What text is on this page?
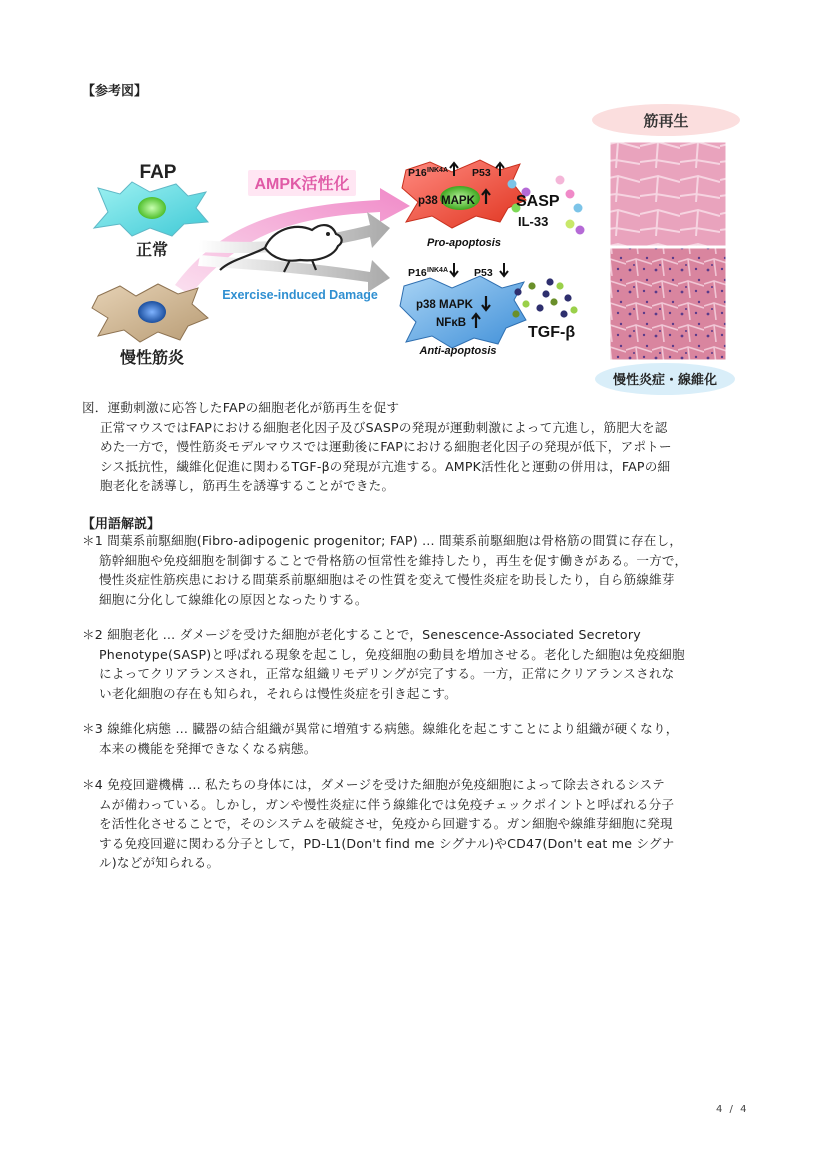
【参考図】
AMPK活性化
FAP
正常
慢性筋炎
Exercise-induced Damage
P16 INK4A P53
p38 MAPK
Pro-apoptosis
SASP
IL-33
P16 INK4A P53
p38 MAPK
NFκB
Anti-apoptosis
TGF-β
筋再生
慢性炎症・線維化
図．運動刺激に応答したFAPの細胞老化が筋再生を促す
正常マウスではFAPにおける細胞老化因子及びSASPの発現が運動刺激によって亢進し，筋肥大を認
めた一方で，慢性筋炎モデルマウスでは運動後にFAPにおける細胞老化因子の発現が低下，アポトー
シス抵抗性，繊維化促進に関わるTGF-βの発現が亢進する。AMPK活性化と運動の併用は，FAPの細
胞老化を誘導し，筋再生を誘導することができた。
【用語解説】
＊1 間葉系前駆細胞(Fibro-adipogenic progenitor; FAP) … 間葉系前駆細胞は骨格筋の間質に存在し，
筋幹細胞や免疫細胞を制御することで骨格筋の恒常性を維持したり，再生を促す働きがある。一方で，
慢性炎症性筋疾患における間葉系前駆細胞はその性質を変えて慢性炎症を助長したり，自ら筋線維芽
細胞に分化して線維化の原因となったりする。
＊2 細胞老化 … ダメージを受けた細胞が老化することで，Senescence-Associated Secretory
Phenotype(SASP)と呼ばれる現象を起こし，免疫細胞の動員を増加させる。老化した細胞は免疫細胞
によってクリアランスされ，正常な組織リモデリングが完了する。一方，正常にクリアランスされな
い老化細胞の存在も知られ，それらは慢性炎症を引き起こす。
＊3 線維化病態 … 臓器の結合組織が異常に増殖する病態。線維化を起こすことにより組織が硬くなり，
本来の機能を発揮できなくなる病態。
＊4 免疫回避機構 … 私たちの身体には，ダメージを受けた細胞が免疫細胞によって除去されるシステ
ムが備わっている。しかし，ガンや慢性炎症に伴う線維化では免疫チェックポイントと呼ばれる分子
を活性化させることで，そのシステムを破綻させ，免疫から回避する。ガン細胞や線維芽細胞に発現
する免疫回避に関わる分子として，PD-L1(Don't find me シグナル)やCD47(Don't eat me シグナ
ル)などが知られる。
4 / 4
